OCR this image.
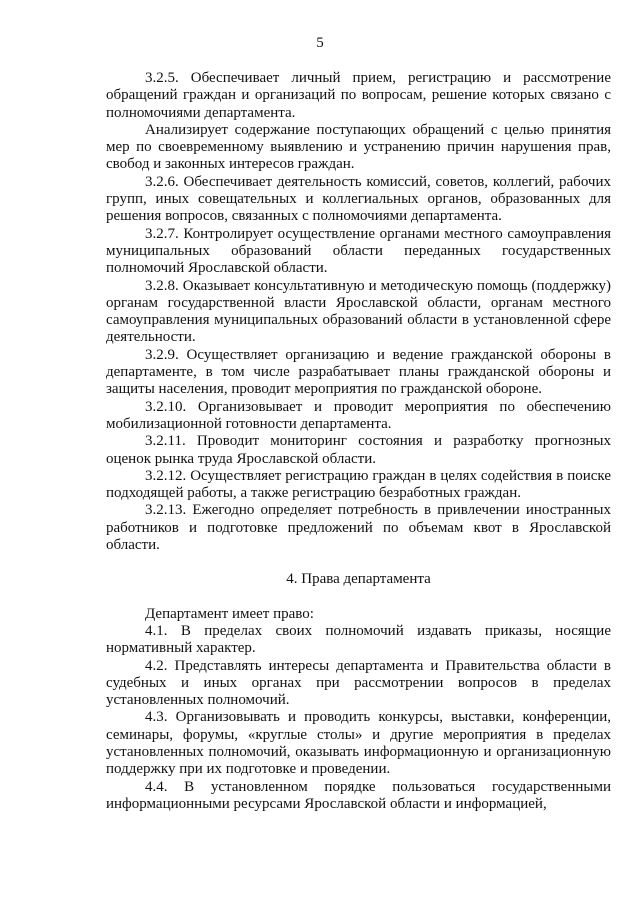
5

3.2.5. Обеспечивает личный прием, регистрацию и рассмотрение обращений граждан и организаций по вопросам, решение которых связано с полномочиями департамента.

Анализирует содержание поступающих обращений с целью принятия мер по своевременному выявлению и устранению причин нарушения прав, свобод и законных интересов граждан.

3.2.6. Обеспечивает деятельность комиссий, советов, коллегий, рабочих групп, иных совещательных и коллегиальных органов, образованных для решения вопросов, связанных с полномочиями департамента.

3.2.7. Контролирует осуществление органами местного самоуправления муниципальных образований области переданных государственных полномочий Ярославской области.

3.2.8. Оказывает консультативную и методическую помощь (поддержку) органам государственной власти Ярославской области, органам местного самоуправления муниципальных образований области в установленной сфере деятельности.

3.2.9. Осуществляет организацию и ведение гражданской обороны в департаменте, в том числе разрабатывает планы гражданской обороны и защиты населения, проводит мероприятия по гражданской обороне.

3.2.10. Организовывает и проводит мероприятия по обеспечению мобилизационной готовности департамента.

3.2.11. Проводит мониторинг состояния и разработку прогнозных оценок рынка труда Ярославской области.

3.2.12. Осуществляет регистрацию граждан в целях содействия в поиске подходящей работы, а также регистрацию безработных граждан.

3.2.13. Ежегодно определяет потребность в привлечении иностранных работников и подготовке предложений по объемам квот в Ярославской области.

4. Права департамента

Департамент имеет право:

4.1. В пределах своих полномочий издавать приказы, носящие нормативный характер.

4.2. Представлять интересы департамента и Правительства области в судебных и иных органах при рассмотрении вопросов в пределах установленных полномочий.

4.3. Организовывать и проводить конкурсы, выставки, конференции, семинары, форумы, «круглые столы» и другие мероприятия в пределах установленных полномочий, оказывать информационную и организационную поддержку при их подготовке и проведении.

4.4. В установленном порядке пользоваться государственными информационными ресурсами Ярославской области и информацией,
